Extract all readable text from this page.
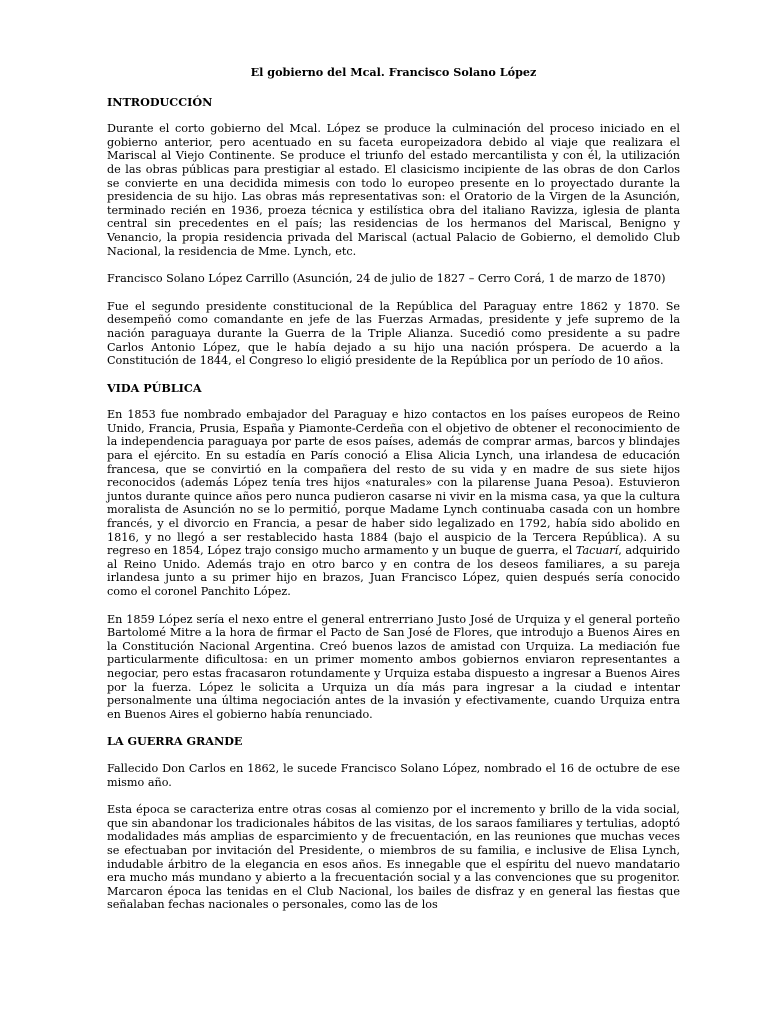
El gobierno del Mcal. Francisco Solano López
INTRODUCCIÓN

Durante el corto gobierno del Mcal. López se produce la culminación del proceso iniciado en el gobierno anterior, pero acentuado en su faceta europeizadora debido al viaje que realizara el Mariscal al Viejo Continente. Se produce el triunfo del estado mercantilista y con él, la utilización de las obras públicas para prestigiar al estado. El clasicismo incipiente de las obras de don Carlos se convierte en una decidida mimesis con todo lo europeo presente en lo proyectado durante la presidencia de su hijo. Las obras más representativas son: el Oratorio de la Virgen de la Asunción, terminado recién en 1936, proeza técnica y estilística obra del italiano Ravizza, iglesia de planta central sin precedentes en el país; las residencias de los hermanos del Mariscal, Benigno y Venancio, la propia residencia privada del Mariscal (actual Palacio de Gobierno, el demolido Club Nacional, la residencia de Mme. Lynch, etc.

Francisco Solano López Carrillo (Asunción, 24 de julio de 1827 – Cerro Corá, 1 de marzo de 1870)

Fue el segundo presidente constitucional de la República del Paraguay entre 1862 y 1870. Se desempeñó como comandante en jefe de las Fuerzas Armadas, presidente y jefe supremo de la nación paraguaya durante la Guerra de la Triple Alianza. Sucedió como presidente a su padre Carlos Antonio López, que le había dejado a su hijo una nación próspera. De acuerdo a la Constitución de 1844, el Congreso lo eligió presidente de la República por un período de 10 años.

VIDA PÚBLICA

En 1853 fue nombrado embajador del Paraguay e hizo contactos en los países europeos de Reino Unido, Francia, Prusia, España y Piamonte-Cerdeña con el objetivo de obtener el reconocimiento de la independencia paraguaya por parte de esos países, además de comprar armas, barcos y blindajes para el ejército. En su estadía en París conoció a Elisa Alicia Lynch, una irlandesa de educación francesa, que se convirtió en la compañera del resto de su vida y en madre de sus siete hijos reconocidos (además López tenía tres hijos «naturales» con la pilarense Juana Pesoa). Estuvieron juntos durante quince años pero nunca pudieron casarse ni vivir en la misma casa, ya que la cultura moralista de Asunción no se lo permitió, porque Madame Lynch continuaba casada con un hombre francés, y el divorcio en Francia, a pesar de haber sido legalizado en 1792, había sido abolido en 1816, y no llegó a ser restablecido hasta 1884 (bajo el auspicio de la Tercera República). A su regreso en 1854, López trajo consigo mucho armamento y un buque de guerra, el Tacuarí, adquirido al Reino Unido. Además trajo en otro barco y en contra de los deseos familiares, a su pareja irlandesa junto a su primer hijo en brazos, Juan Francisco López, quien después sería conocido como el coronel Panchito López.

En 1859 López sería el nexo entre el general entrerriano Justo José de Urquiza y el general porteño Bartolomé Mitre a la hora de firmar el Pacto de San José de Flores, que introdujo a Buenos Aires en la Constitución Nacional Argentina. Creó buenos lazos de amistad con Urquiza. La mediación fue particularmente dificultosa: en un primer momento ambos gobiernos enviaron representantes a negociar, pero estas fracasaron rotundamente y Urquiza estaba dispuesto a ingresar a Buenos Aires por la fuerza. López le solicita a Urquiza un día más para ingresar a la ciudad e intentar personalmente una última negociación antes de la invasión y efectivamente, cuando Urquiza entra en Buenos Aires el gobierno había renunciado.

LA GUERRA GRANDE

Fallecido Don Carlos en 1862, le sucede Francisco Solano López, nombrado el 16 de octubre de ese mismo año.

Esta época se caracteriza entre otras cosas al comienzo por el incremento y brillo de la vida social, que sin abandonar los tradicionales hábitos de las visitas, de los saraos familiares y tertulias, adoptó modalidades más amplias de esparcimiento y de frecuentación, en las reuniones que muchas veces se efectuaban por invitación del Presidente, o miembros de su familia, e inclusive de Elisa Lynch, indudable árbitro de la elegancia en esos años. Es innegable que el espíritu del nuevo mandatario era mucho más mundano y abierto a la frecuentación social y a las convenciones que su progenitor. Marcaron época las tenidas en el Club Nacional, los bailes de disfraz y en general las fiestas que señalaban fechas nacionales o personales, como las de los
